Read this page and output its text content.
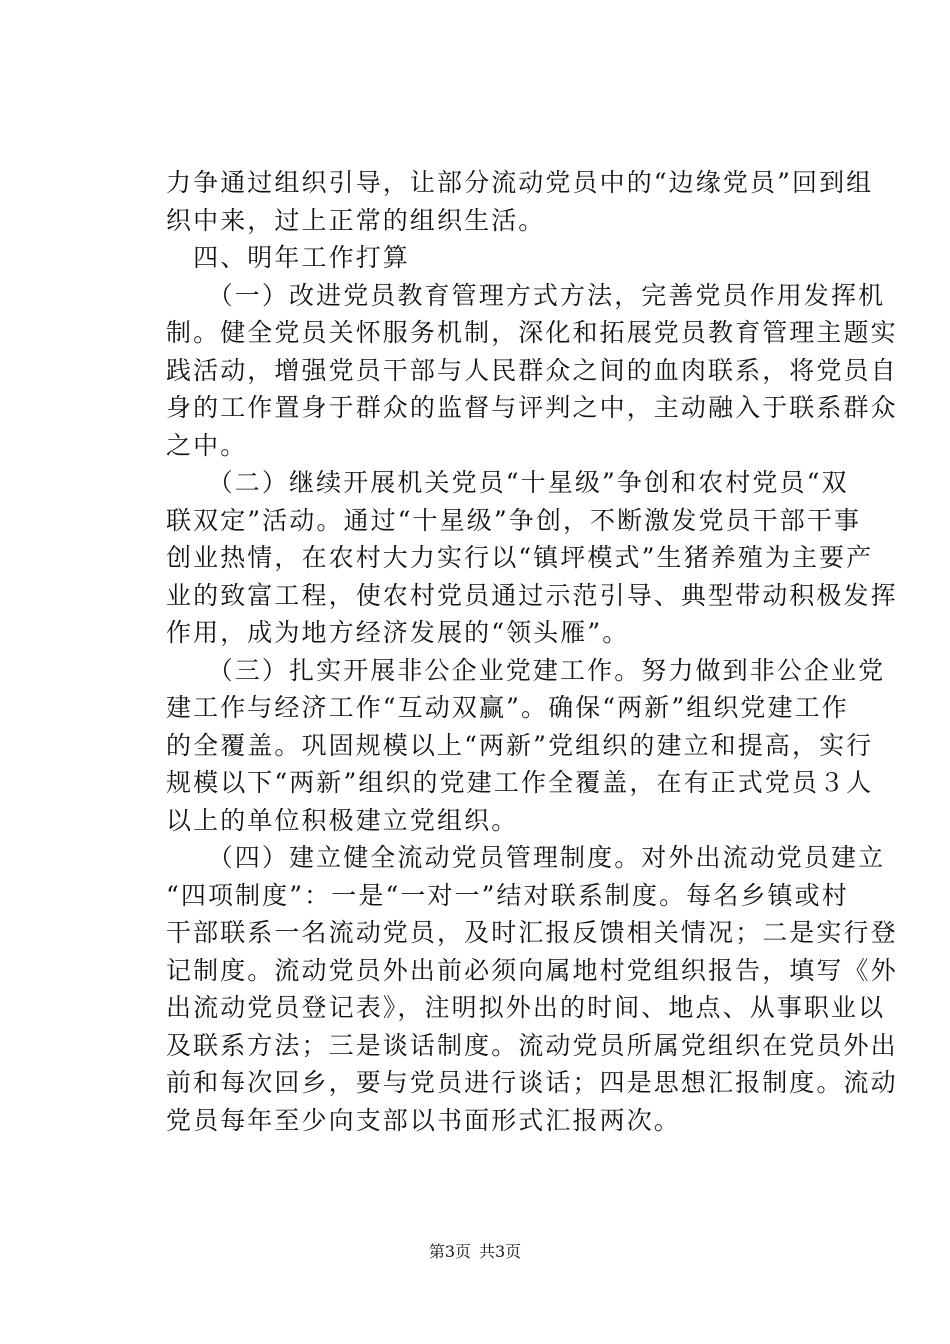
力争通过组织引导，让部分流动党员中的“边缘党员”回到组
织中来，过上正常的组织生活。
　四、明年工作打算
　　（一）改进党员教育管理方式方法，完善党员作用发挥机
制。健全党员关怀服务机制，深化和拓展党员教育管理主题实
践活动，增强党员干部与人民群众之间的血肉联系，将党员自
身的工作置身于群众的监督与评判之中，主动融入于联系群众
之中。
　　（二）继续开展机关党员“十星级”争创和农村党员“双
联双定”活动。通过“十星级”争创，不断激发党员干部干事
创业热情，在农村大力实行以“镇坪模式”生猪养殖为主要产
业的致富工程，使农村党员通过示范引导、典型带动积极发挥
作用，成为地方经济发展的“领头雁”。
　　（三）扎实开展非公企业党建工作。努力做到非公企业党
建工作与经济工作“互动双赢”。确保“两新”组织党建工作
的全覆盖。巩固规模以上“两新”党组织的建立和提高，实行
规模以下“两新”组织的党建工作全覆盖，在有正式党员３人
以上的单位积极建立党组织。
　　（四）建立健全流动党员管理制度。对外出流动党员建立
“四项制度”：一是“一对一”结对联系制度。每名乡镇或村
干部联系一名流动党员，及时汇报反馈相关情况；二是实行登
记制度。流动党员外出前必须向属地村党组织报告，填写《外
出流动党员登记表》，注明拟外出的时间、地点、从事职业以
及联系方法；三是谈话制度。流动党员所属党组织在党员外出
前和每次回乡，要与党员进行谈话；四是思想汇报制度。流动
党员每年至少向支部以书面形式汇报两次。
第3页 共3页
